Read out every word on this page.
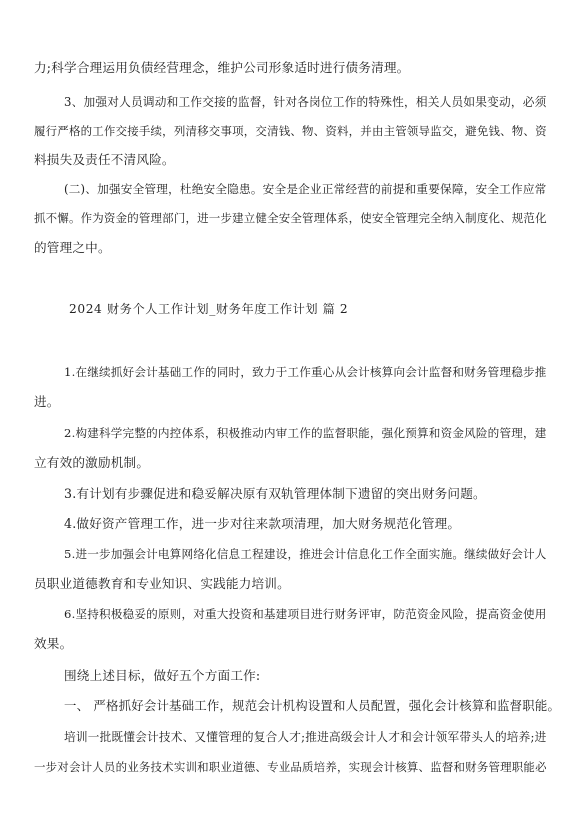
力;科学合理运用负债经营理念，维护公司形象适时进行债务清理。
3、加强对人员调动和工作交接的监督，针对各岗位工作的特殊性，相关人员如果变动，必须
履行严格的工作交接手续，列清移交事项，交清钱、物、资料，并由主管领导监交，避免钱、物、资
料损失及责任不清风险。
(二)、加强安全管理，杜绝安全隐患。安全是企业正常经营的前提和重要保障，安全工作应常
抓不懈。作为资金的管理部门，进一步建立健全安全管理体系，使安全管理完全纳入制度化、规范化
的管理之中。
2024 财务个人工作计划_财务年度工作计划 篇 2
1.在继续抓好会计基础工作的同时，致力于工作重心从会计核算向会计监督和财务管理稳步推
进。
2.构建科学完整的内控体系，积极推动内审工作的监督职能，强化预算和资金风险的管理，建
立有效的激励机制。
3.有计划有步骤促进和稳妥解决原有双轨管理体制下遗留的突出财务问题。
4.做好资产管理工作，进一步对往来款项清理，加大财务规范化管理。
5.进一步加强会计电算网络化信息工程建设，推进会计信息化工作全面实施。继续做好会计人
员职业道德教育和专业知识、实践能力培训。
6.坚持积极稳妥的原则，对重大投资和基建项目进行财务评审，防范资金风险，提高资金使用
效果。
围绕上述目标，做好五个方面工作:
一、 严格抓好会计基础工作，规范会计机构设置和人员配置，强化会计核算和监督职能。
培训一批既懂会计技术、又懂管理的复合人才;推进高级会计人才和会计领军带头人的培养;进
一步对会计人员的业务技术实训和职业道德、专业品质培养，实现会计核算、监督和财务管理职能必
